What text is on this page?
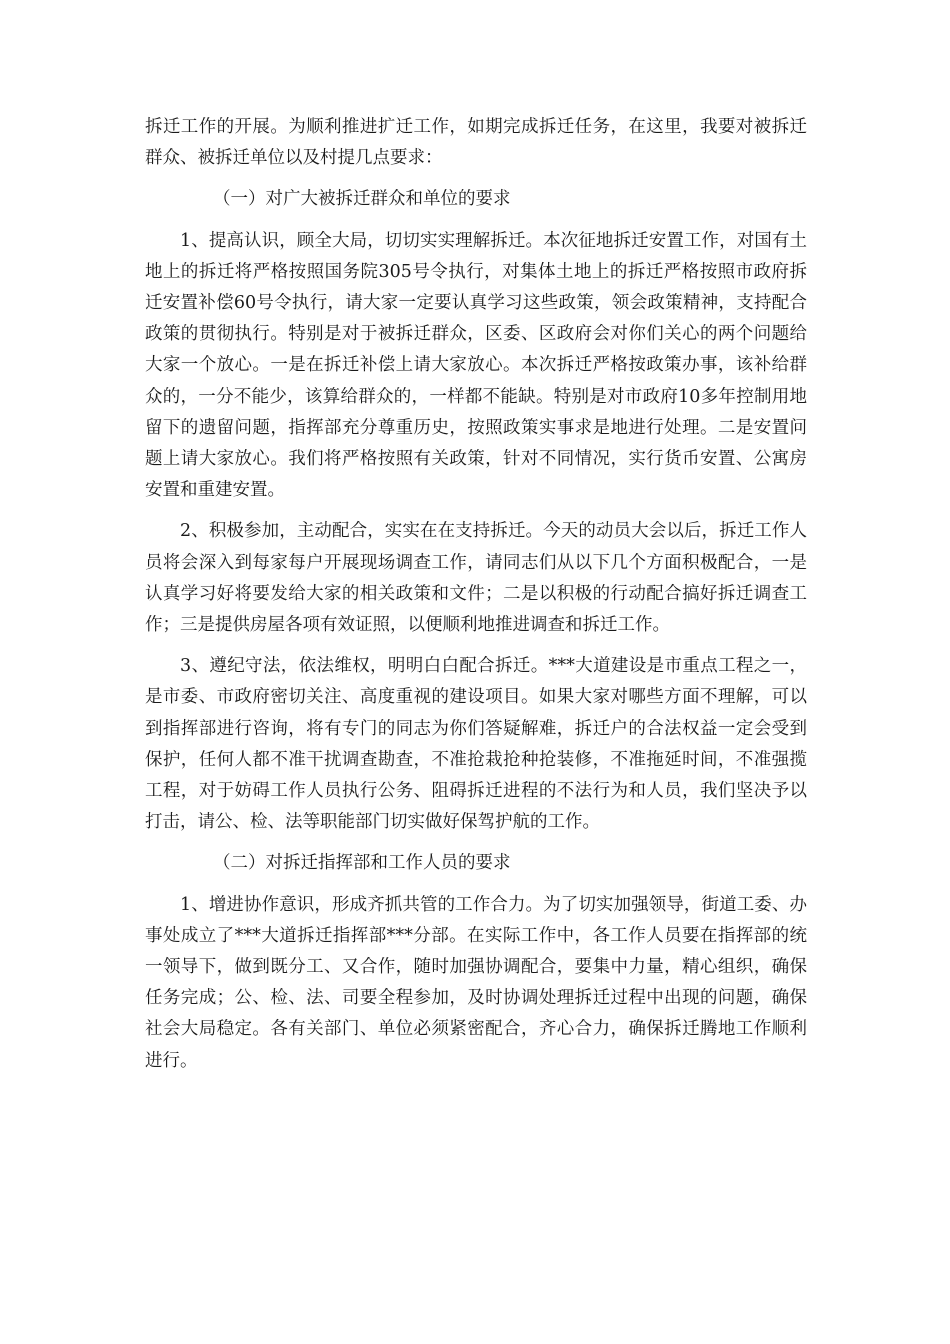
拆迁工作的开展。为顺利推进扩迁工作，如期完成拆迁任务，在这里，我要对被拆迁群众、被拆迁单位以及村提几点要求：

（一）对广大被拆迁群众和单位的要求

1、提高认识，顾全大局，切切实实理解拆迁。本次征地拆迁安置工作，对国有土地上的拆迁将严格按照国务院305号令执行，对集体土地上的拆迁严格按照市政府拆迁安置补偿60号令执行，请大家一定要认真学习这些政策，领会政策精神，支持配合政策的贯彻执行。特别是对于被拆迁群众，区委、区政府会对你们关心的两个问题给大家一个放心。一是在拆迁补偿上请大家放心。本次拆迁严格按政策办事，该补给群众的，一分不能少，该算给群众的，一样都不能缺。特别是对市政府10多年控制用地留下的遗留问题，指挥部充分尊重历史，按照政策实事求是地进行处理。二是安置问题上请大家放心。我们将严格按照有关政策，针对不同情况，实行货币安置、公寓房安置和重建安置。

2、积极参加，主动配合，实实在在支持拆迁。今天的动员大会以后，拆迁工作人员将会深入到每家每户开展现场调查工作，请同志们从以下几个方面积极配合，一是认真学习好将要发给大家的相关政策和文件；二是以积极的行动配合搞好拆迁调查工作；三是提供房屋各项有效证照，以便顺利地推进调查和拆迁工作。

3、遵纪守法，依法维权，明明白白配合拆迁。***大道建设是市重点工程之一，是市委、市政府密切关注、高度重视的建设项目。如果大家对哪些方面不理解，可以到指挥部进行咨询，将有专门的同志为你们答疑解难，拆迁户的合法权益一定会受到保护，任何人都不准干扰调查勘查，不准抢栽抢种抢装修，不准拖延时间，不准强揽工程，对于妨碍工作人员执行公务、阻碍拆迁进程的不法行为和人员，我们坚决予以打击，请公、检、法等职能部门切实做好保驾护航的工作。

（二）对拆迁指挥部和工作人员的要求

1、增进协作意识，形成齐抓共管的工作合力。为了切实加强领导，街道工委、办事处成立了***大道拆迁指挥部***分部。在实际工作中，各工作人员要在指挥部的统一领导下，做到既分工、又合作，随时加强协调配合，要集中力量，精心组织，确保任务完成；公、检、法、司要全程参加，及时协调处理拆迁过程中出现的问题，确保社会大局稳定。各有关部门、单位必须紧密配合，齐心合力，确保拆迁腾地工作顺利进行。
